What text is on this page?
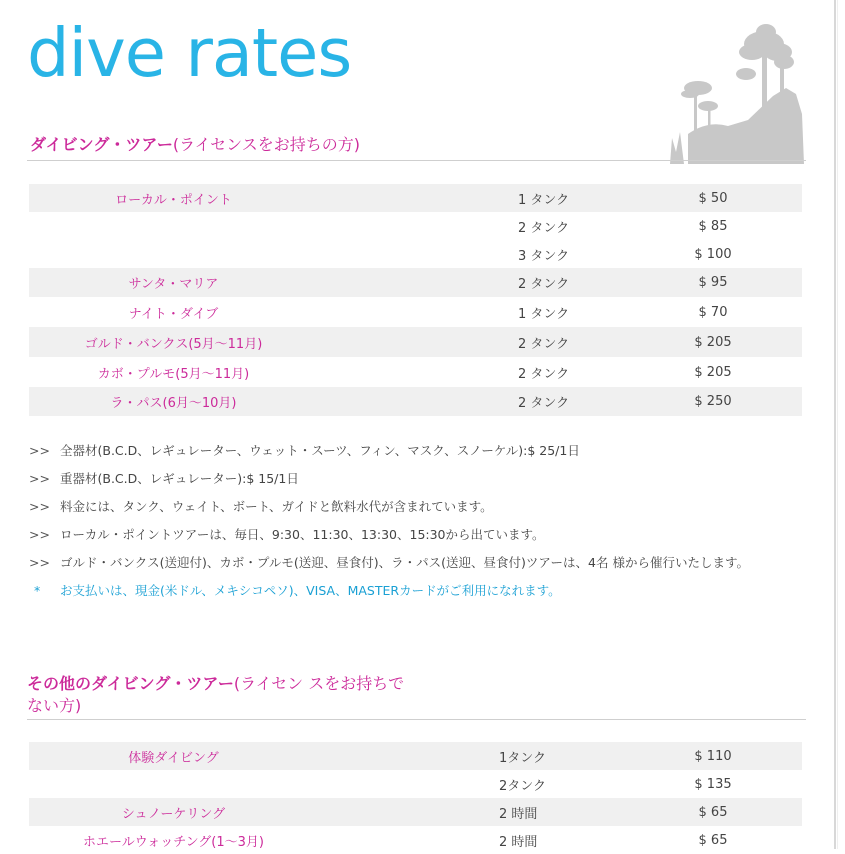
dive rates
ダイビング・ツアー(ライセンスをお持ちの方)
ローカル・ポイント		1 タンク	$ 50
		2 タンク	$ 85
		3 タンク	$ 100
サンタ・マリア		2 タンク	$ 95
ナイト・ダイブ		1 タンク	$ 70
ゴルド・バンクス(5月〜11月)		2 タンク	$ 205
カボ・プルモ(5月〜11月)		2 タンク	$ 205
ラ・パス(6月〜10月)		2 タンク	$ 250
>> 全器材(B.C.D、レギュレーター、ウェット・スーツ、フィン、マスク、スノーケル):$ 25/1日
>> 重器材(B.C.D、レギュレーター):$ 15/1日
>> 料金には、タンク、ウェイト、ボート、ガイドと飲料水代が含まれています。
>> ローカル・ポイントツアーは、毎日、9:30、11:30、13:30、15:30から出ています。
>> ゴルド・バンクス(送迎付)、カボ・プルモ(送迎、昼食付)、ラ・パス(送迎、昼食付)ツアーは、4名 様から催行いたします。
* お支払いは、現金(米ドル、メキシコペソ)、VISA、MASTERカードがご利用になれます。
その他のダイビング・ツアー(ライセン スをお持ちで
ない方)
体験ダイビング		1タンク	$ 110
		2タンク	$ 135
シュノーケリング		2 時間	$ 65
ホエールウォッチング(1〜3月)		2 時間	$ 65
